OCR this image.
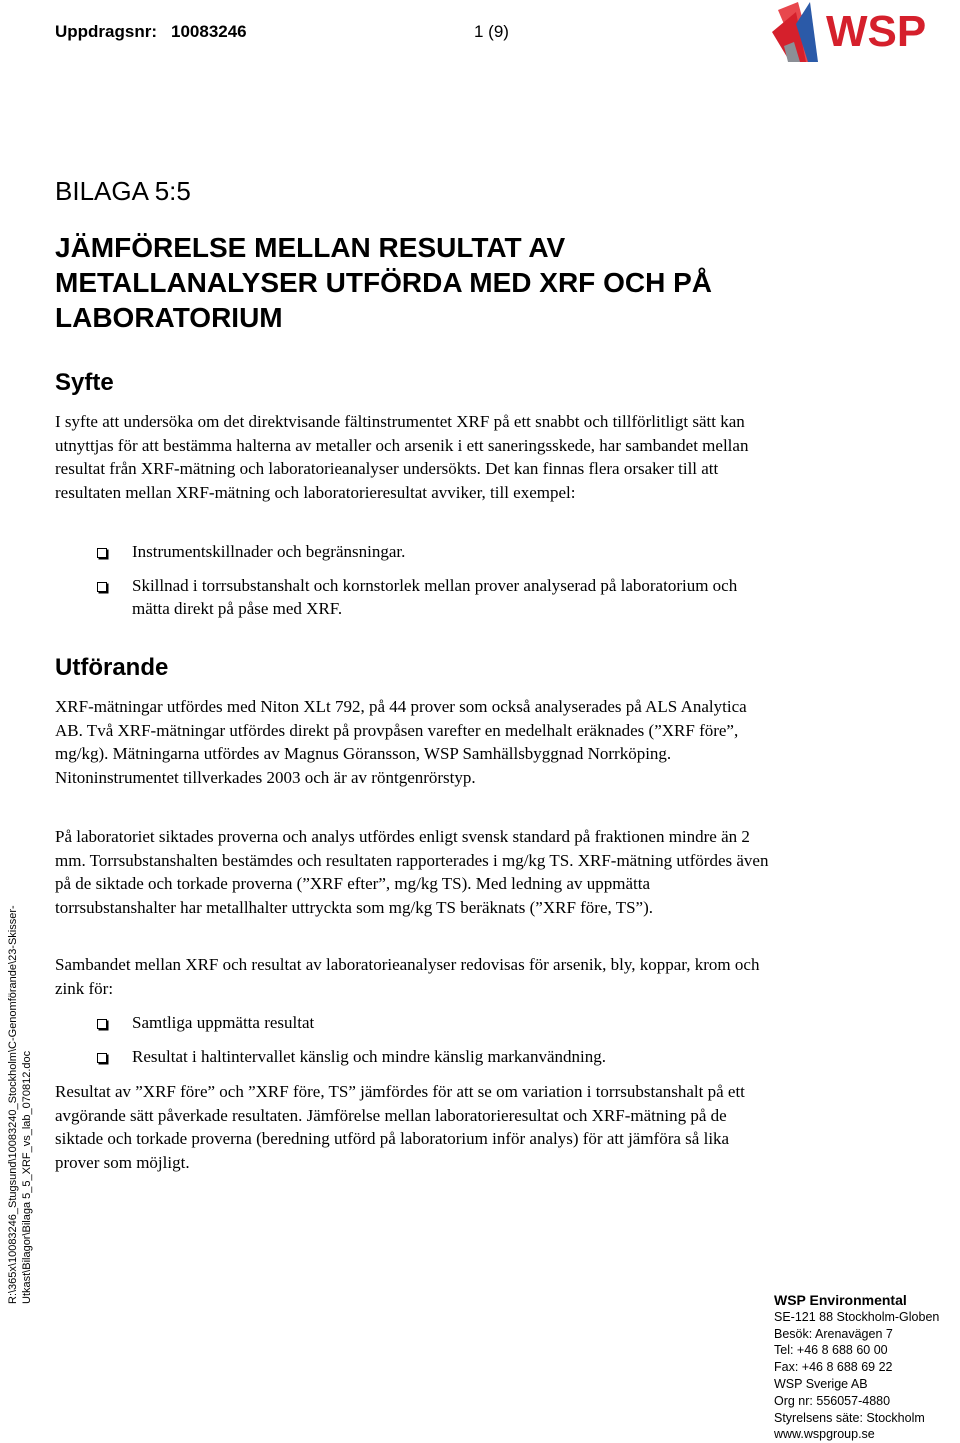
Uppdragsnr: 10083246	1 (9)	WSP
BILAGA 5:5
JÄMFÖRELSE MELLAN RESULTAT AV METALLANALYSER UTFÖRDA MED XRF OCH PÅ LABORATORIUM
Syfte

I syfte att undersöka om det direktvisande fältinstrumentet XRF på ett snabbt och tillförlitligt sätt kan utnyttjas för att bestämma halterna av metaller och arsenik i ett saneringsskede, har sambandet mellan resultat från XRF-mätning och laboratorieanalyser undersökts. Det kan finnas flera orsaker till att resultaten mellan XRF-mätning och laboratorieresultat avviker, till exempel:

Instrumentskillnader och begränsningar.
Skillnad i torrsubstanshalt och kornstorlek mellan prover analyserad på laboratorium och mätta direkt på påse med XRF.
Utförande

XRF-mätningar utfördes med Niton XLt 792, på 44 prover som också analyserades på ALS Analytica AB. Två XRF-mätningar utfördes direkt på provpåsen varefter en medelhalt eräknades (”XRF före”, mg/kg). Mätningarna utfördes av Magnus Göransson, WSP Samhällsbyggnad Norrköping. Nitoninstrumentet tillverkades 2003 och är av röntgenrörstyp.

På laboratoriet siktades proverna och analys utfördes enligt svensk standard på fraktionen mindre än 2 mm. Torrsubstanshalten bestämdes och resultaten rapporterades i mg/kg TS. XRF-mätning utfördes även på de siktade och torkade proverna (”XRF efter”, mg/kg TS). Med ledning av uppmätta torrsubstanshalter har metallhalter uttryckta som mg/kg TS beräknats (”XRF före, TS”).

Sambandet mellan XRF och resultat av laboratorieanalyser redovisas för arsenik, bly, koppar, krom och zink för:

Samtliga uppmätta resultat
Resultat i haltintervallet känslig och mindre känslig markanvändning.

Resultat av ”XRF före” och ”XRF före, TS” jämfördes för att se om variation i torrsubstanshalt på ett avgörande sätt påverkade resultaten. Jämförelse mellan laboratorieresultat och XRF-mätning på de siktade och torkade proverna (beredning utförd på laboratorium inför analys) för att jämföra så lika prover som möjligt.

R:\365x\10083246_Stugsund\10083240_Stockholm\C-Genomförande\23-Skisser- Utkast\Bilagor\Bilaga 5_5_XRF_vs_lab_070812.doc	WSP Environmental
SE-121 88 Stockholm-Globen
Besök: Arenavägen 7
Tel: +46 8 688 60 00
Fax: +46 8 688 69 22
WSP Sverige AB
Org nr: 556057-4880
Styrelsens säte: Stockholm
www.wspgroup.se
